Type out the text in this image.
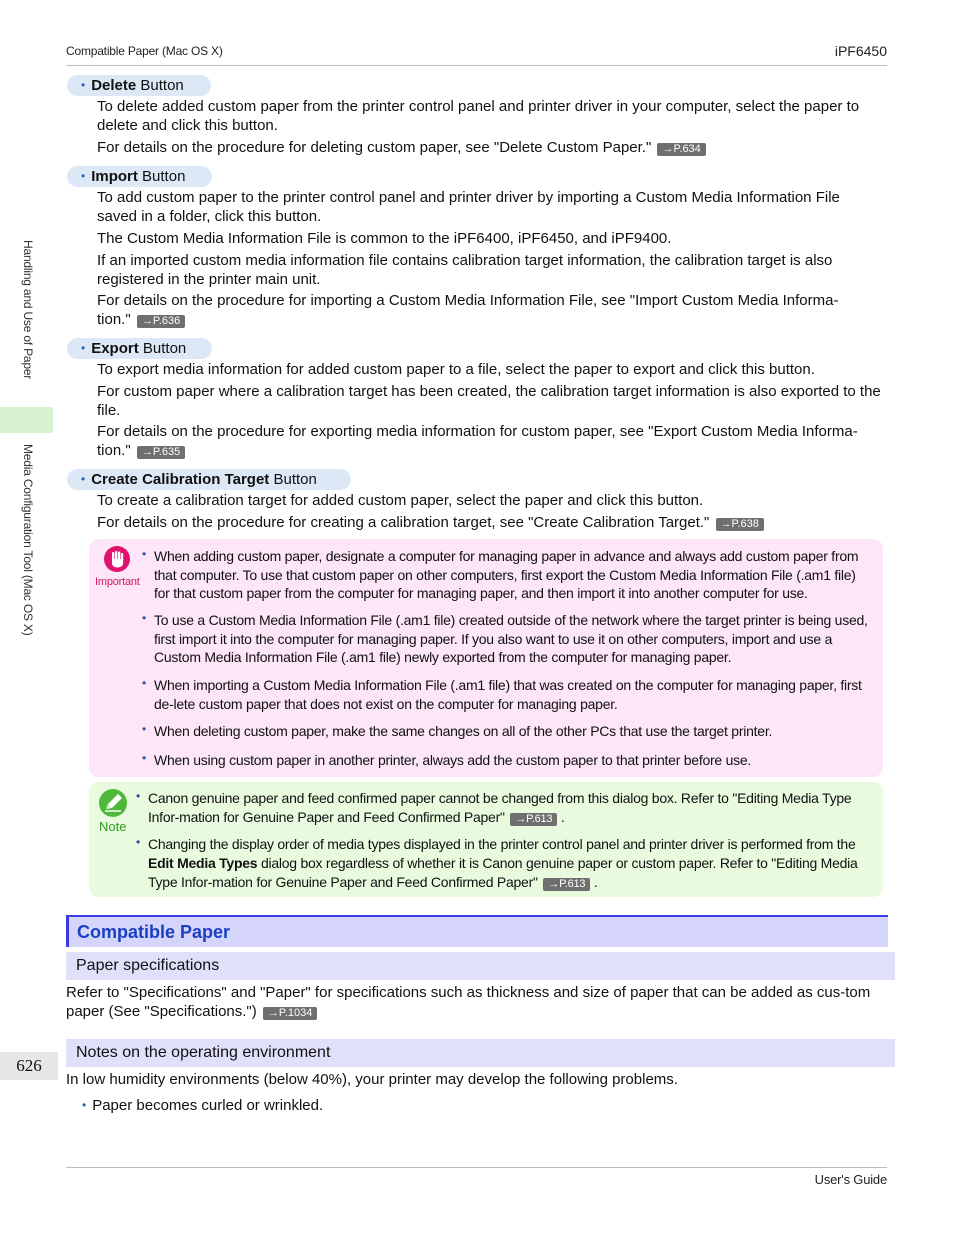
Compatible Paper (Mac OS X)	iPF6450
Handling and Use of Paper
Media Configuration Tool (Mac OS X)
626
• Delete Button
To delete added custom paper from the printer control panel and printer driver in your computer, select the paper to delete and click this button.
For details on the procedure for deleting custom paper, see "Delete Custom Paper." →P.634
• Import Button
To add custom paper to the printer control panel and printer driver by importing a Custom Media Information File saved in a folder, click this button.
The Custom Media Information File is common to the iPF6400, iPF6450, and iPF9400.
If an imported custom media information file contains calibration target information, the calibration target is also registered in the printer main unit.
For details on the procedure for importing a Custom Media Information File, see "Import Custom Media Informa-tion." →P.636
• Export Button
To export media information for added custom paper to a file, select the paper to export and click this button.
For custom paper where a calibration target has been created, the calibration target information is also exported to the file.
For details on the procedure for exporting media information for custom paper, see "Export Custom Media Informa-tion." →P.635
• Create Calibration Target Button
To create a calibration target for added custom paper, select the paper and click this button.
For details on the procedure for creating a calibration target, see "Create Calibration Target." →P.638
Important
• When adding custom paper, designate a computer for managing paper in advance and always add custom paper from that computer. To use that custom paper on other computers, first export the Custom Media Information File (.am1 file) for that custom paper from the computer for managing paper, and then import it into another computer for use.
• To use a Custom Media Information File (.am1 file) created outside of the network where the target printer is being used, first import it into the computer for managing paper. If you also want to use it on other computers, import and use a Custom Media Information File (.am1 file) newly exported from the computer for managing paper.
• When importing a Custom Media Information File (.am1 file) that was created on the computer for managing paper, first de-lete custom paper that does not exist on the computer for managing paper.
• When deleting custom paper, make the same changes on all of the other PCs that use the target printer.
• When using custom paper in another printer, always add the custom paper to that printer before use.
Note
• Canon genuine paper and feed confirmed paper cannot be changed from this dialog box. Refer to "Editing Media Type Infor-mation for Genuine Paper and Feed Confirmed Paper" →P.613 .
• Changing the display order of media types displayed in the printer control panel and printer driver is performed from the Edit Media Types dialog box regardless of whether it is Canon genuine paper or custom paper. Refer to "Editing Media Type Infor-mation for Genuine Paper and Feed Confirmed Paper" →P.613 .
Compatible Paper
Paper specifications
Refer to "Specifications" and "Paper" for specifications such as thickness and size of paper that can be added as cus-tom paper (See "Specifications.") →P.1034
Notes on the operating environment
In low humidity environments (below 40%), your printer may develop the following problems.
• Paper becomes curled or wrinkled.
User's Guide
